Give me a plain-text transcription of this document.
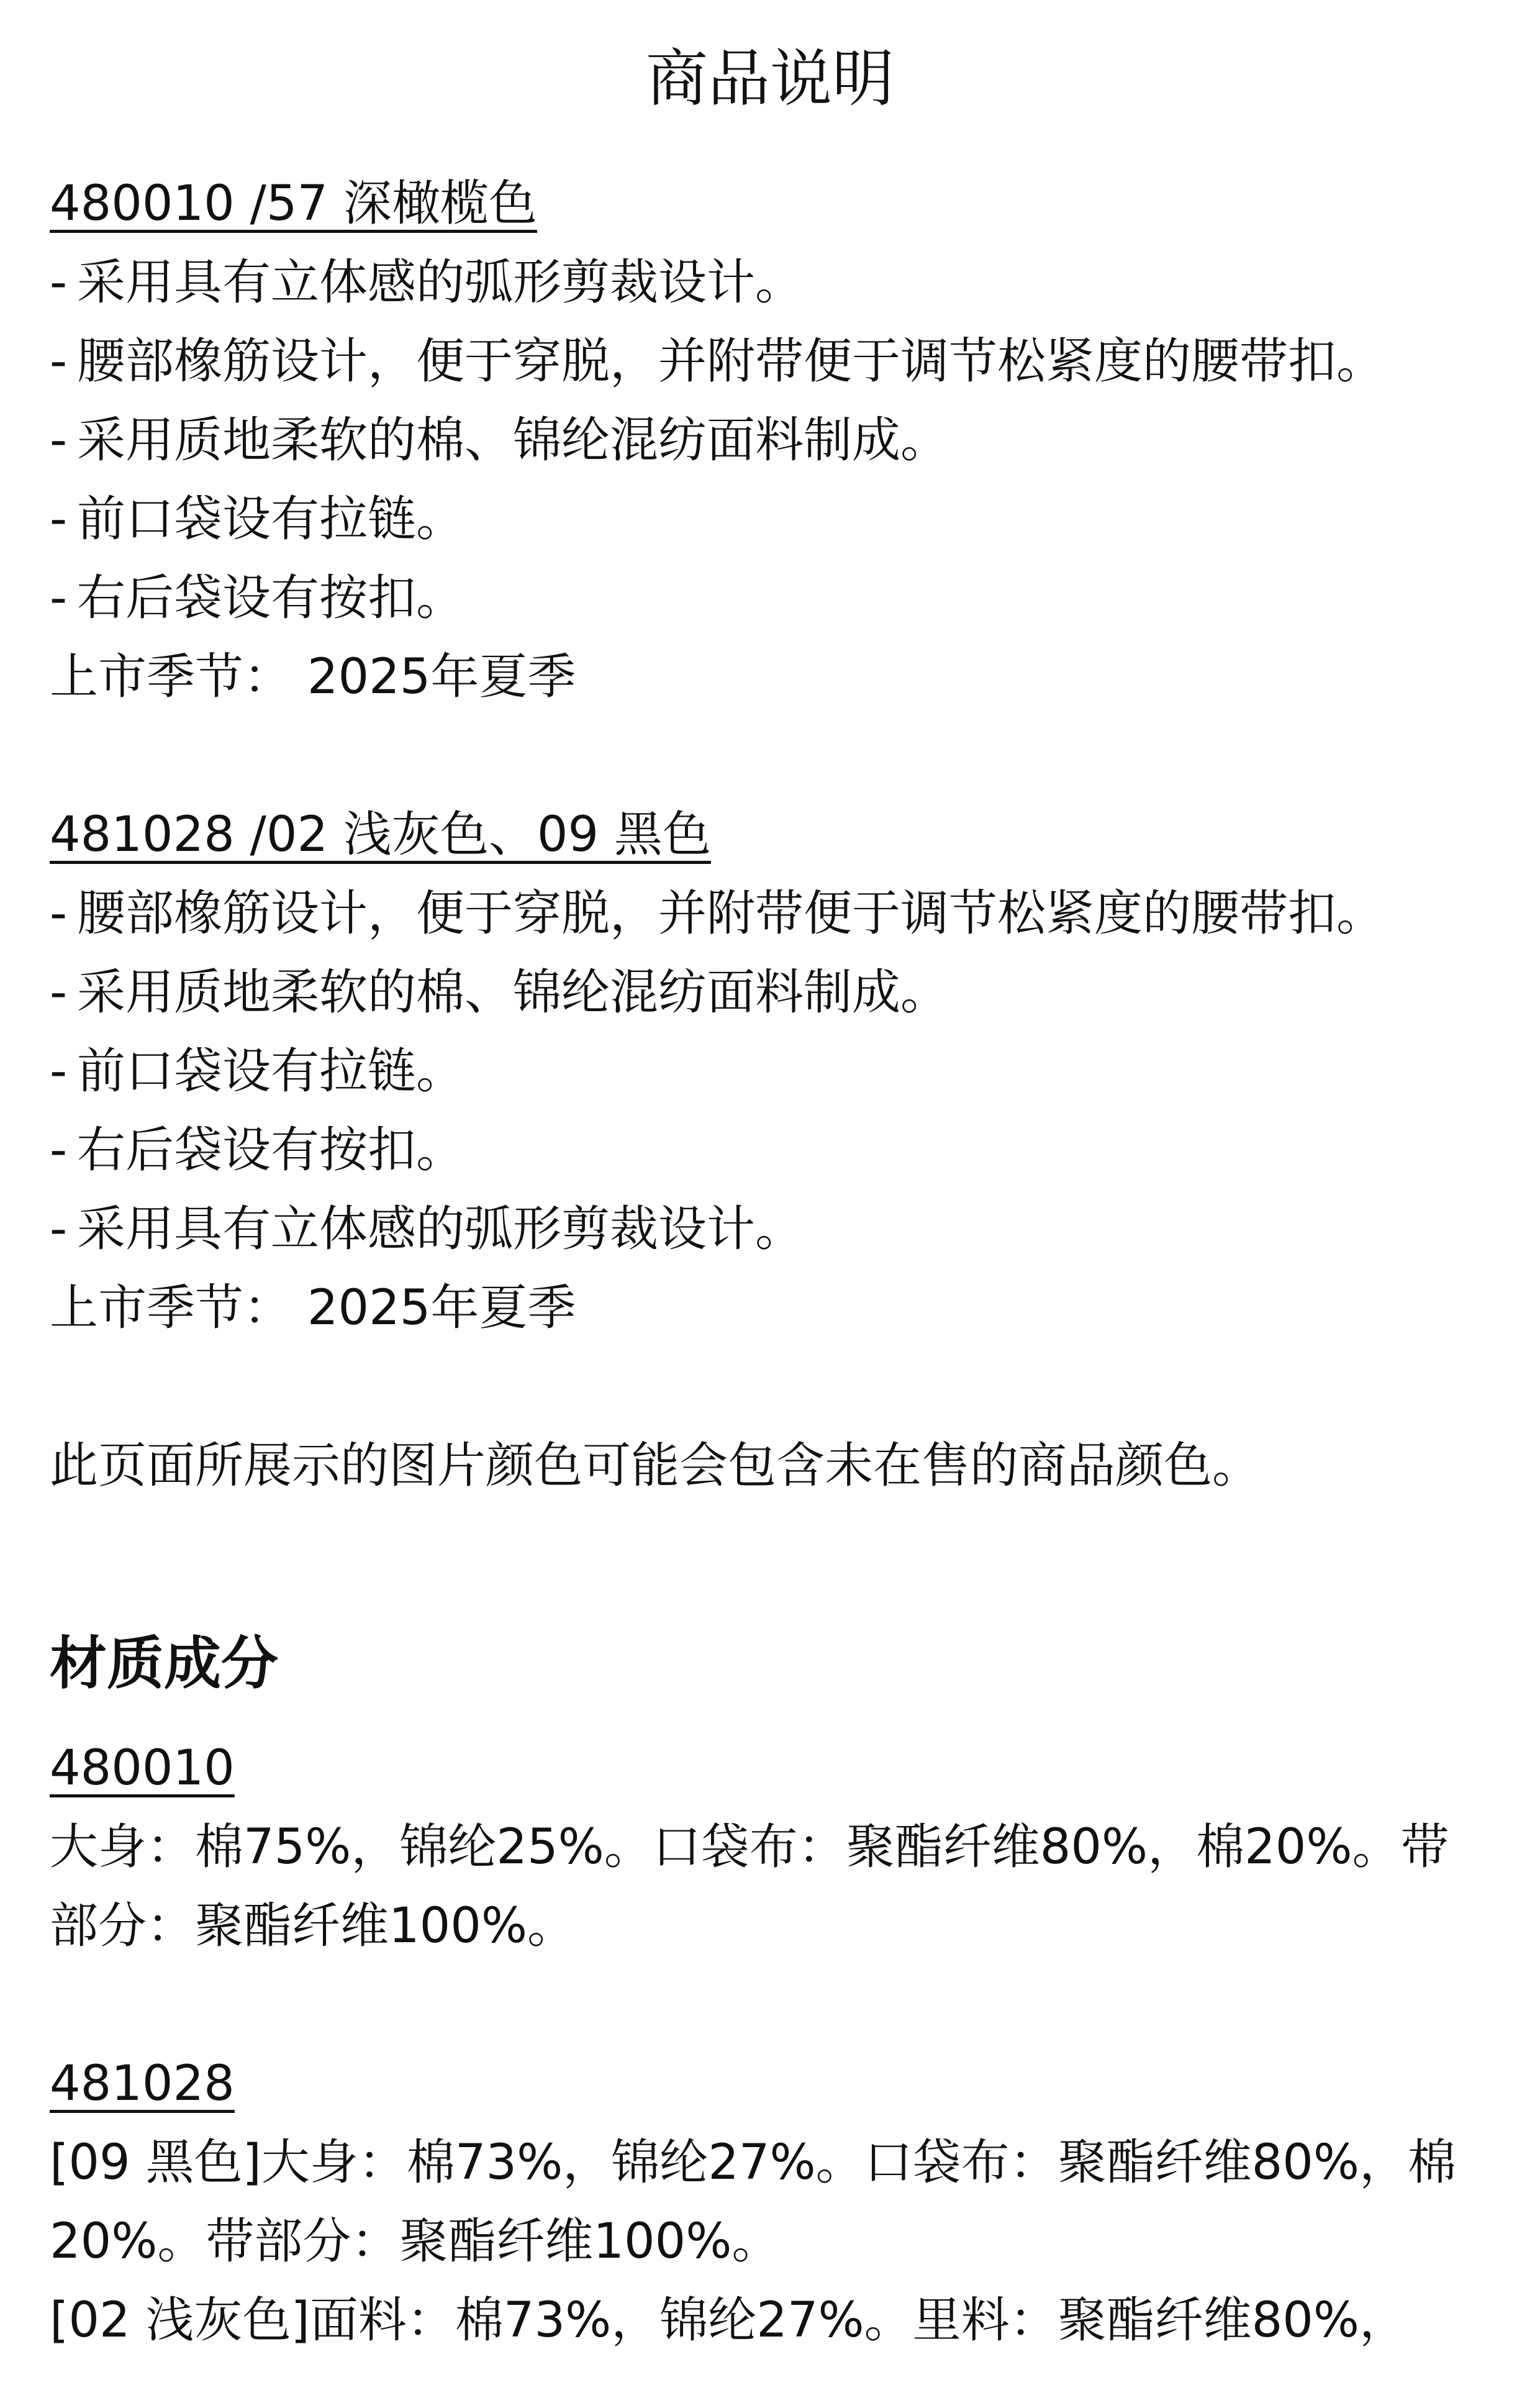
商品说明
480010 /57 深橄榄色
- 采用具有立体感的弧形剪裁设计。
- 腰部橡筋设计，便于穿脱，并附带便于调节松紧度的腰带扣。
- 采用质地柔软的棉、锦纶混纺面料制成。
- 前口袋设有拉链。
- 右后袋设有按扣。
上市季节： 2025年夏季
481028 /02 浅灰色、09 黑色
- 腰部橡筋设计，便于穿脱，并附带便于调节松紧度的腰带扣。
- 采用质地柔软的棉、锦纶混纺面料制成。
- 前口袋设有拉链。
- 右后袋设有按扣。
- 采用具有立体感的弧形剪裁设计。
上市季节： 2025年夏季
此页面所展示的图片颜色可能会包含未在售的商品颜色。
材质成分
480010
大身：棉75%，锦纶25%。口袋布：聚酯纤维80%，棉20%。带部分：聚酯纤维100%。
481028
[09 黑色]大身：棉73%，锦纶27%。口袋布：聚酯纤维80%，棉20%。带部分：聚酯纤维100%。
[02 浅灰色]面料：棉73%，锦纶27%。里料：聚酯纤维80%，
